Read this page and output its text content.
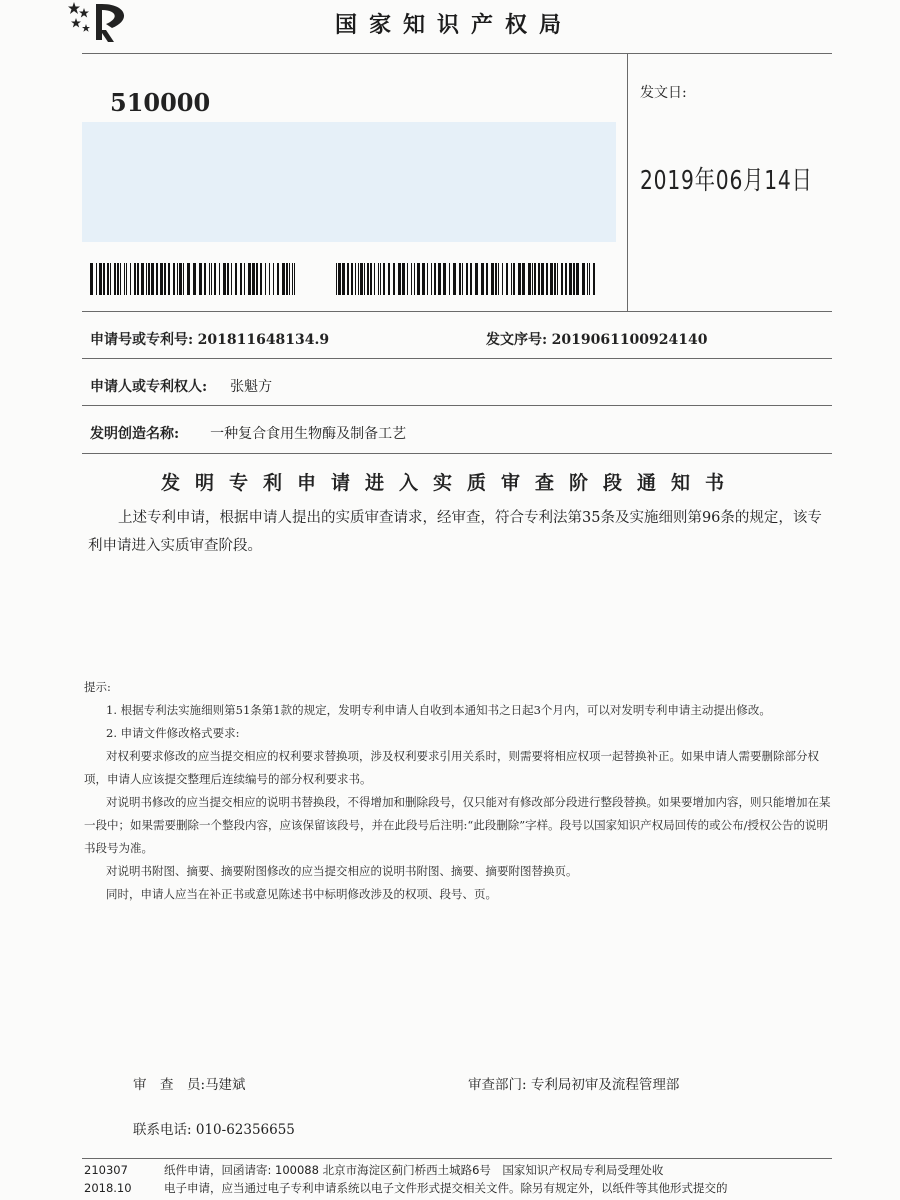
国家知识产权局
510000	发文日:
2019年06月14日
申请号或专利号: 201811648134.9	发文序号: 2019061100924140
申请人或专利权人: 张魁方
发明创造名称: 一种复合食用生物酶及制备工艺
发明专利申请进入实质审查阶段通知书
上述专利申请，根据申请人提出的实质审查请求，经审查，符合专利法第35条及实施细则第96条的规定，该专利申请进入实质审查阶段。

提示:

1. 根据专利法实施细则第51条第1款的规定，发明专利申请人自收到本通知书之日起3个月内，可以对发明专利申请主动提出修改。

2. 申请文件修改格式要求:

对权利要求修改的应当提交相应的权利要求替换项，涉及权利要求引用关系时，则需要将相应权项一起替换补正。如果申请人需要删除部分权项，申请人应该提交整理后连续编号的部分权利要求书。

对说明书修改的应当提交相应的说明书替换段，不得增加和删除段号，仅只能对有修改部分段进行整段替换。如果要增加内容，则只能增加在某一段中；如果需要删除一个整段内容，应该保留该段号，并在此段号后注明:“此段删除”字样。段号以国家知识产权局回传的或公布/授权公告的说明书段号为准。

对说明书附图、摘要、摘要附图修改的应当提交相应的说明书附图、摘要、摘要附图替换页。

同时，申请人应当在补正书或意见陈述书中标明修改涉及的权项、段号、页。

审　查　员:马建斌	审查部门: 专利局初审及流程管理部
联系电话: 010-62356655
210307	纸件申请，回函请寄: 100088 北京市海淀区蓟门桥西土城路6号　国家知识产权局专利局受理处收
2018.10	电子申请，应当通过电子专利申请系统以电子文件形式提交相关文件。除另有规定外，以纸件等其他形式提交的
